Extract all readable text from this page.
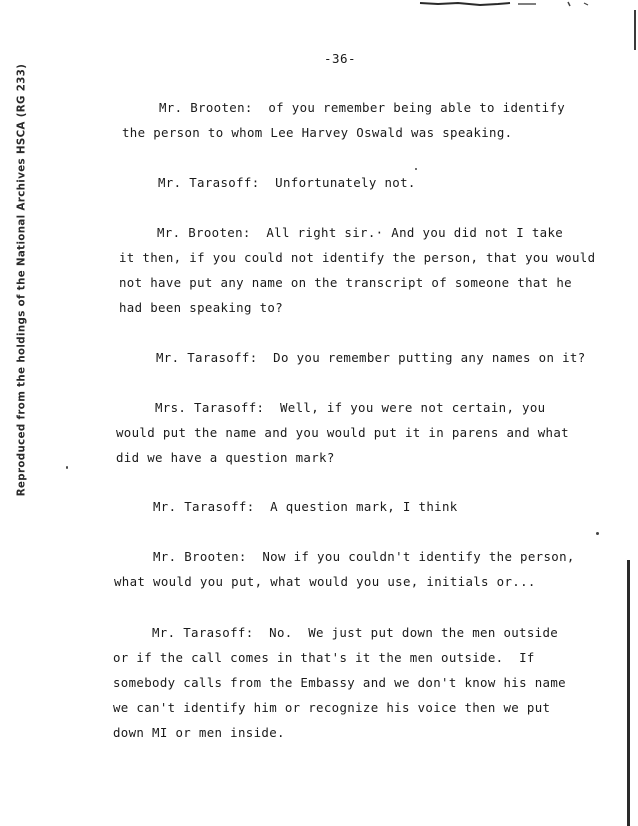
-36-
Reproduced from the holdings of the National Archives HSCA (RG 233)	Mr. Brooten:  of you remember being able to identify
the person to whom Lee Harvey Oswald was speaking.
Mr. Tarasoff:  Unfortunately not.
Mr. Brooten:  All right sir.· And you did not I take
it then, if you could not identify the person, that you would
not have put any name on the transcript of someone that he
had been speaking to?
Mr. Tarasoff:  Do you remember putting any names on it?
Mrs. Tarasoff:  Well, if you were not certain, you
would put the name and you would put it in parens and what
did we have a question mark?
Mr. Tarasoff:  A question mark, I think
Mr. Brooten:  Now if you couldn't identify the person,
what would you put, what would you use, initials or...
Mr. Tarasoff:  No.  We just put down the men outside
or if the call comes in that's it the men outside.  If
somebody calls from the Embassy and we don't know his name
we can't identify him or recognize his voice then we put
down MI or men inside.
